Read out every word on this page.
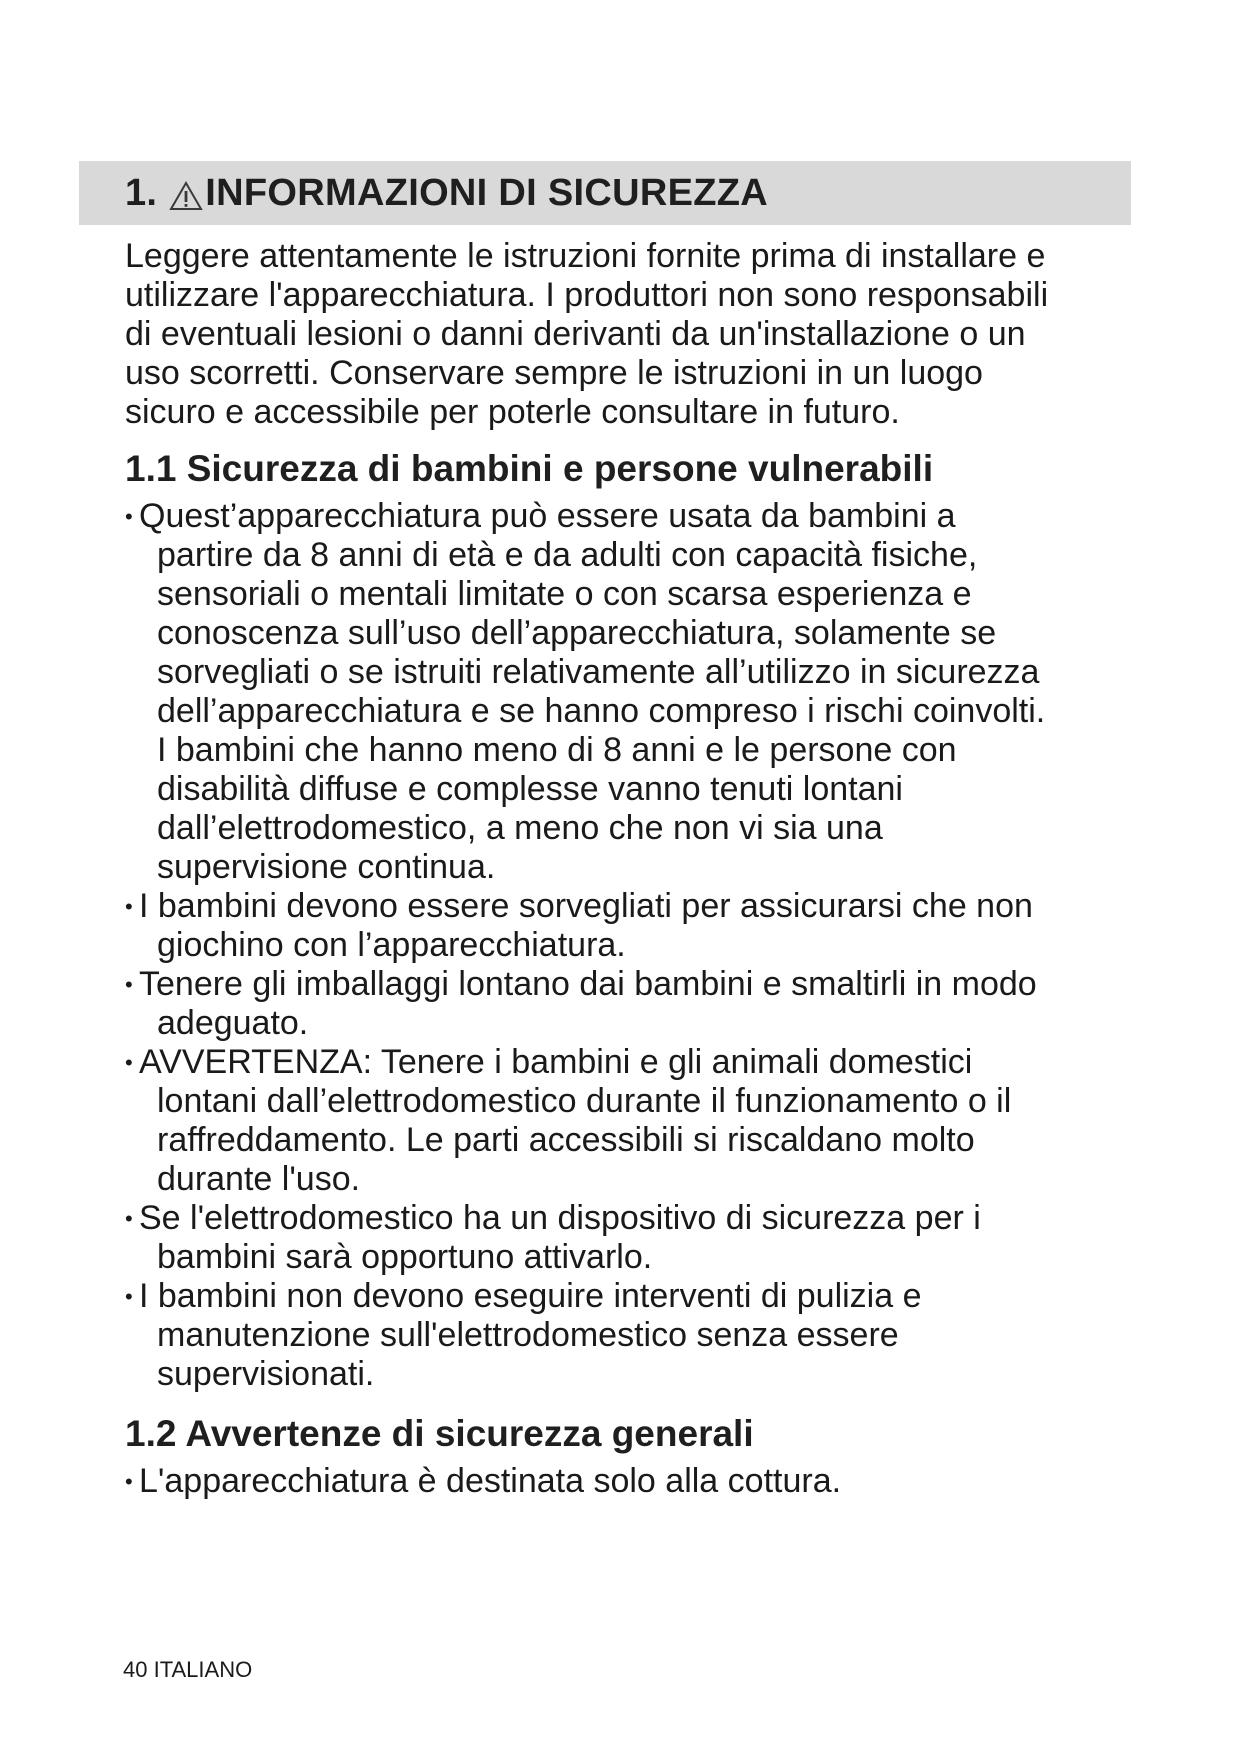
1. INFORMAZIONI DI SICUREZZA

Leggere attentamente le istruzioni fornite prima di installare e

utilizzare l'apparecchiatura. I produttori non sono responsabili

di eventuali lesioni o danni derivanti da un'installazione o un

uso scorretti. Conservare sempre le istruzioni in un luogo

sicuro e accessibile per poterle consultare in futuro.

1.1 Sicurezza di bambini e persone vulnerabili
• Quest’apparecchiatura può essere usata da bambini a
partire da 8 anni di età e da adulti con capacità fisiche,
sensoriali o mentali limitate o con scarsa esperienza e
conoscenza sull’uso dell’apparecchiatura, solamente se
sorvegliati o se istruiti relativamente all’utilizzo in sicurezza
dell’apparecchiatura e se hanno compreso i rischi coinvolti.
I bambini che hanno meno di 8 anni e le persone con
disabilità diffuse e complesse vanno tenuti lontani
dall’elettrodomestico, a meno che non vi sia una
supervisione continua.
• I bambini devono essere sorvegliati per assicurarsi che non
giochino con l’apparecchiatura.
• Tenere gli imballaggi lontano dai bambini e smaltirli in modo
adeguato.
• AVVERTENZA: Tenere i bambini e gli animali domestici
lontani dall’elettrodomestico durante il funzionamento o il
raffreddamento. Le parti accessibili si riscaldano molto
durante l'uso.
• Se l'elettrodomestico ha un dispositivo di sicurezza per i
bambini sarà opportuno attivarlo.
• I bambini non devono eseguire interventi di pulizia e
manutenzione sull'elettrodomestico senza essere
supervisionati.
1.2 Avvertenze di sicurezza generali
• L'apparecchiatura è destinata solo alla cottura.
40 ITALIANO
